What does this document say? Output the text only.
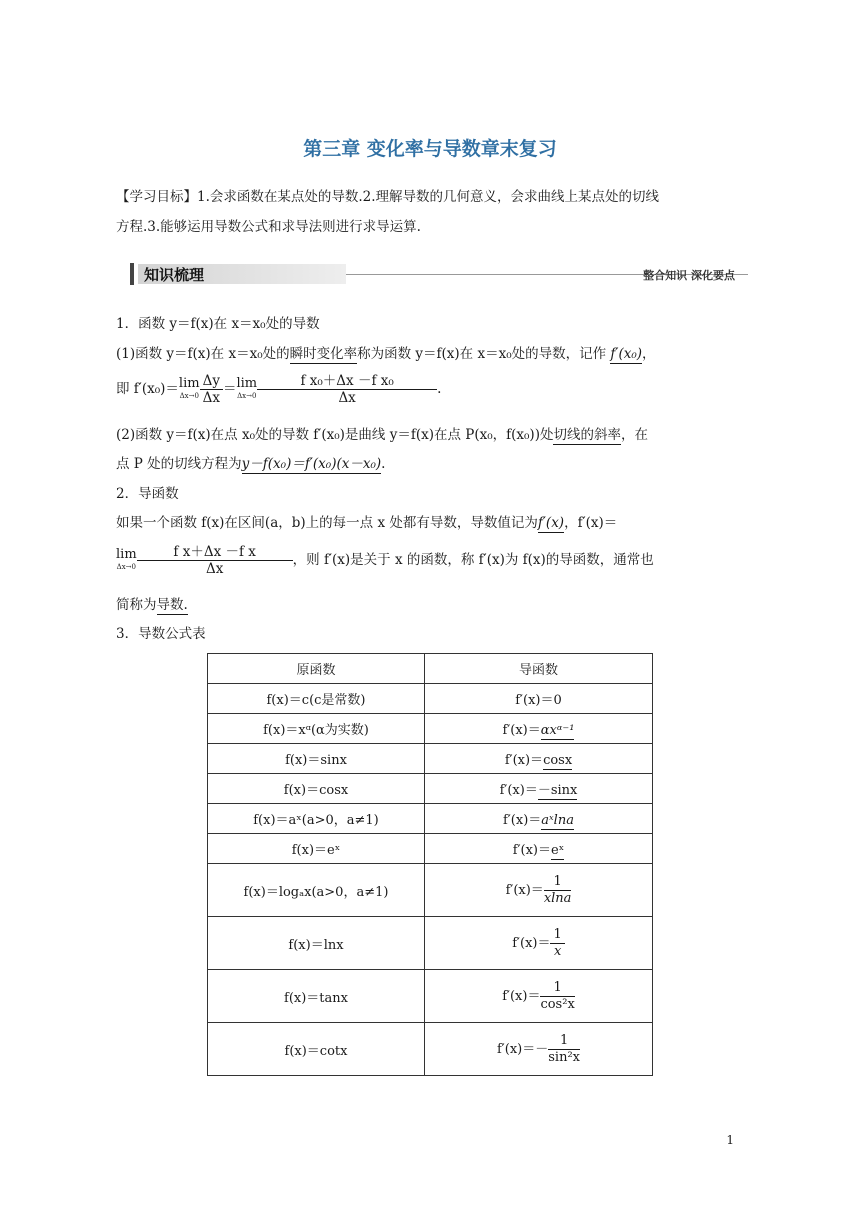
第三章 变化率与导数章末复习
【学习目标】1.会求函数在某点处的导数.2.理解导数的几何意义，会求曲线上某点处的切线
方程.3.能够运用导数公式和求导法则进行求导运算.
知识梳理	整合知识 深化要点
1．函数 y＝f(x)在 x＝x₀处的导数
(1)函数 y＝f(x)在 x＝x₀处的瞬时变化率称为函数 y＝f(x)在 x＝x₀处的导数，记作 f′(x₀)，
即 f′(x₀)＝ lim
$\Delta x\to 0 \frac{\Delta y}{\Delta x} = \lim$
$\Delta x\to 0 \frac{\text{f x₀＋Δx －f x₀}}{\Delta x}$ .
(2)函数 y＝f(x)在点 x₀处的导数 f′(x₀)是曲线 y＝f(x)在点 P(x₀，f(x₀))处切线的斜率，在
点 P 处的切线方程为y－f(x₀)＝f′(x₀)(x－x₀).
2．导函数
如果一个函数 f(x)在区间(a，b)上的每一点 x 处都有导数，导数值记为f′(x)，f′(x)＝
lim
$\Delta x\to 0 \frac{\text{f x＋Δx －f x}}{\Delta x}$ ，则 f′(x)是关于 x 的函数，称 f′(x)为 f(x)的导函数，通常也
简称为导数.
3．导数公式表
原函数	导函数
f(x)＝c(c是常数)	f′(x)＝0
f(x)＝xᵅ(α为实数)	f′(x)＝αxᵅ⁻¹
f(x)＝sinx	f′(x)＝cosx
f(x)＝cosx	f′(x)＝－sinx
f(x)＝aˣ(a>0，a≠1)	f′(x)＝aˣlna
f(x)＝eˣ	f′(x)＝eˣ
f(x)＝logₐx(a>0，a≠1)	$f'(x)= \frac{1}{xlna}$

f(x)＝lnx	$f'(x)= \frac{1}{x}$

f(x)＝tanx	$f'(x)= \frac{1}{\text{cos²x}}$

f(x)＝cotx	$f'(x)=- \frac{1}{\text{sin²x}}$
1
